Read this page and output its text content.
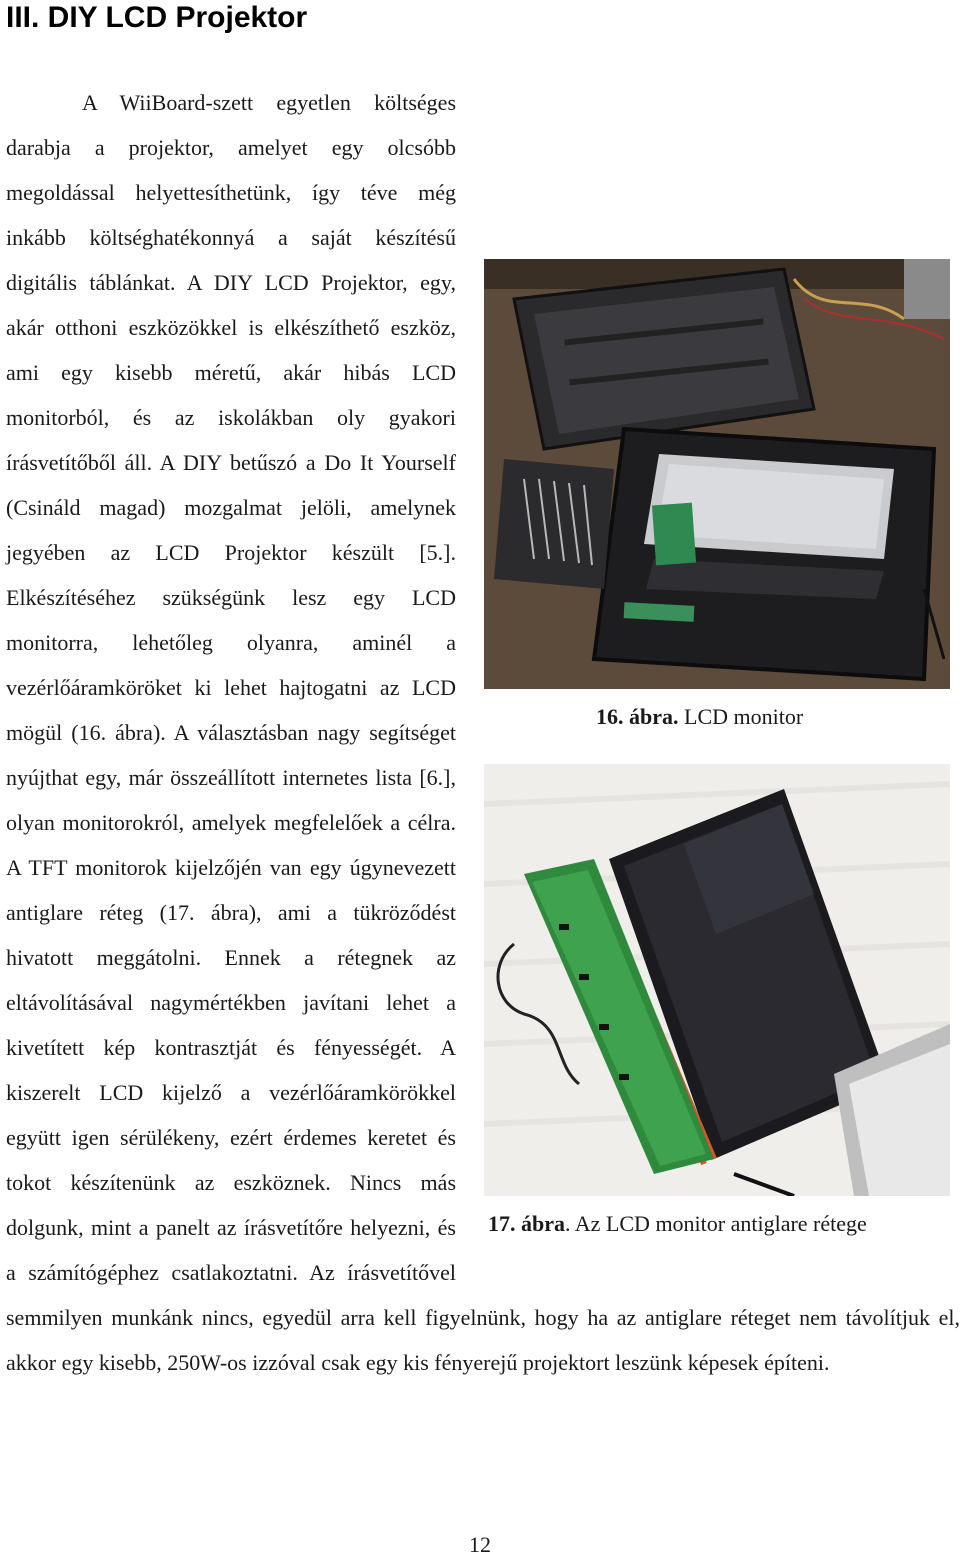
III. DIY LCD Projektor
16. ábra. LCD monitor
17. ábra. Az LCD monitor antiglare rétege

A WiiBoard-szett egyetlen költséges darabja a projektor, amelyet egy olcsóbb megoldással helyettesíthetünk, így téve még inkább költséghatékonnyá a saját készítésű digitális táblánkat. A DIY LCD Projektor, egy, akár otthoni eszközökkel is elkészíthető eszköz, ami egy kisebb méretű, akár hibás LCD monitorból, és az iskolákban oly gyakori írásvetítőből áll. A DIY betűszó a Do It Yourself (Csináld magad) mozgalmat jelöli, amelynek jegyében az LCD Projektor készült [5.]. Elkészítéséhez szükségünk lesz egy LCD monitorra, lehetőleg olyanra, aminél a vezérlőáramköröket ki lehet hajtogatni az LCD mögül (16. ábra). A választásban nagy segítséget nyújthat egy, már összeállított internetes lista [6.], olyan monitorokról, amelyek megfelelőek a célra. A TFT monitorok kijelzőjén van egy úgynevezett antiglare réteg (17. ábra), ami a tükröződést hivatott meggátolni. Ennek a rétegnek az eltávolításával nagymértékben javítani lehet a kivetített kép kontrasztját és fényességét. A kiszerelt LCD kijelző a vezérlőáramkörökkel együtt igen sérülékeny, ezért érdemes keretet és tokot készítenünk az eszköznek. Nincs más dolgunk, mint a panelt az írásvetítőre helyezni, és a számítógéphez csatlakoztatni. Az írásvetítővel semmilyen munkánk nincs, egyedül arra kell figyelnünk, hogy ha az antiglare réteget nem távolítjuk el, akkor egy kisebb, 250W-os izzóval csak egy kis fényerejű projektort leszünk képesek építeni.

12
